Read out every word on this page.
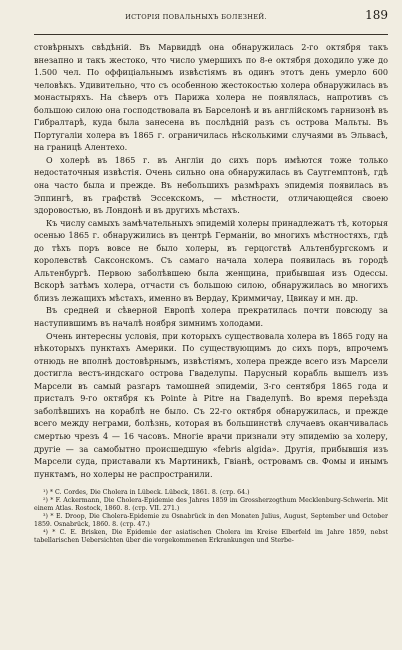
ИСТОРІЯ ПОВАЛЬНЫХЪ БОЛЕЗНЕЙ.	189

стовѣрныхъ свѣдѣній. Въ Марвиддѣ она обнаружилась 2-го октября такъ внезапно и такъ жестоко, что число умершихъ по 8-е октября доходило уже до 1.500 чел. По оффиціальнымъ извѣстіямъ въ одинъ этотъ день умерло 600 человѣкъ. Удивительно, что съ особенною жестокостью холера обнаружилась въ монастыряхъ. На сѣверъ отъ Парижа холера не появлялась, напротивъ съ большою силою она господствовала въ Барселонѣ и въ англійскомъ гарнизонѣ въ Гибралтарѣ, куда была занесена въ послѣдній разъ съ острова Мальты. Въ Португаліи холера въ 1865 г. ограничилась нѣсколькими случаями въ Эльвасѣ, на границѣ Алентехо.

О холерѣ въ 1865 г. въ Англіи до сихъ поръ имѣются тоже только недостаточныя извѣстія. Очень сильно она обнаружилась въ Саутгемптонѣ, гдѣ она часто была и прежде. Въ небольшихъ размѣрахъ эпидемія появилась въ Эппингѣ, въ графствѣ Эссекскомъ, — мѣстности, отличающейся своею здоровостью, въ Лондонѣ и въ другихъ мѣстахъ.

Къ числу самыхъ замѣчательныхъ эпидемій холеры принадлежатъ тѣ, которыя осенью 1865 г. обнаружились въ центрѣ Германіи, во многихъ мѣстностяхъ, гдѣ до тѣхъ поръ вовсе не было холеры, въ герцогствѣ Альтенбургскомъ и королевствѣ Саксонскомъ. Съ самаго начала холера появилась въ городѣ Альтенбургѣ. Первою заболѣвшею была женщина, прибывшая изъ Одессы. Вскорѣ затѣмъ холера, отчасти съ большою силою, обнаружилась во многихъ близъ лежащихъ мѣстахъ, именно въ Вердау, Криммичау, Цвикау и мн. др.

Въ средней и сѣверной Европѣ холера прекратилась почти повсюду за наступившимъ въ началѣ ноября зимнимъ холодами.

Очень интересны условія, при которыхъ существовала холера въ 1865 году на нѣкоторыхъ пунктахъ Америки. По существующимъ до сихъ поръ, впрочемъ отнюдь не вполнѣ достовѣрнымъ, извѣстіямъ, холера прежде всего изъ Марсели достигла вестъ-индскаго острова Гваделупы. Парусный корабль вышелъ изъ Марсели въ самый разгаръ тамошней эпидеміи, 3-го сентября 1865 года и присталъ 9-го октября къ Pointe à Pitre на Гваделупѣ. Во время переѣзда заболѣвшихъ на кораблѣ не было. Съ 22-го октября обнаружилась, и прежде всего между неграми, болѣзнь, которая въ большинствѣ случаевъ оканчивалась смертью чрезъ 4 — 16 часовъ. Многіе врачи признали эту эпидемію за холеру, другіе — за самобытно происшедшую «febris algida». Другія, прибывшія изъ Марсели суда, приставали къ Мартиникѣ, Гвіанѣ, островамъ св. Фомы и инымъ пунктамъ, но холеры не распространили.

¹) * C. Cordes, Die Cholera in Lübeck. Lübeck, 1861. 8. (стр. 64.)

²) * F. Ackermann, Die Cholera-Epidemie des Jahres 1859 im Grossherzogthum Mecklenburg-Schwerin. Mit einem Atlas. Rostock, 1860. 8. (стр. VII. 271.)

³) * E. Droop, Die Cholera-Epidemie zu Osnabrück in den Monaten Julius, August, September und October 1859. Osnabrück, 1860. 8. (стр. 47.)

⁴) * C. E. Brisken, Die Epidemie der asiatischen Cholera im Kreise Elberfeld im Jahre 1859, nebst tabellarischen Uebersichten über die vorgekommenen Erkrankungen und Sterbe-
